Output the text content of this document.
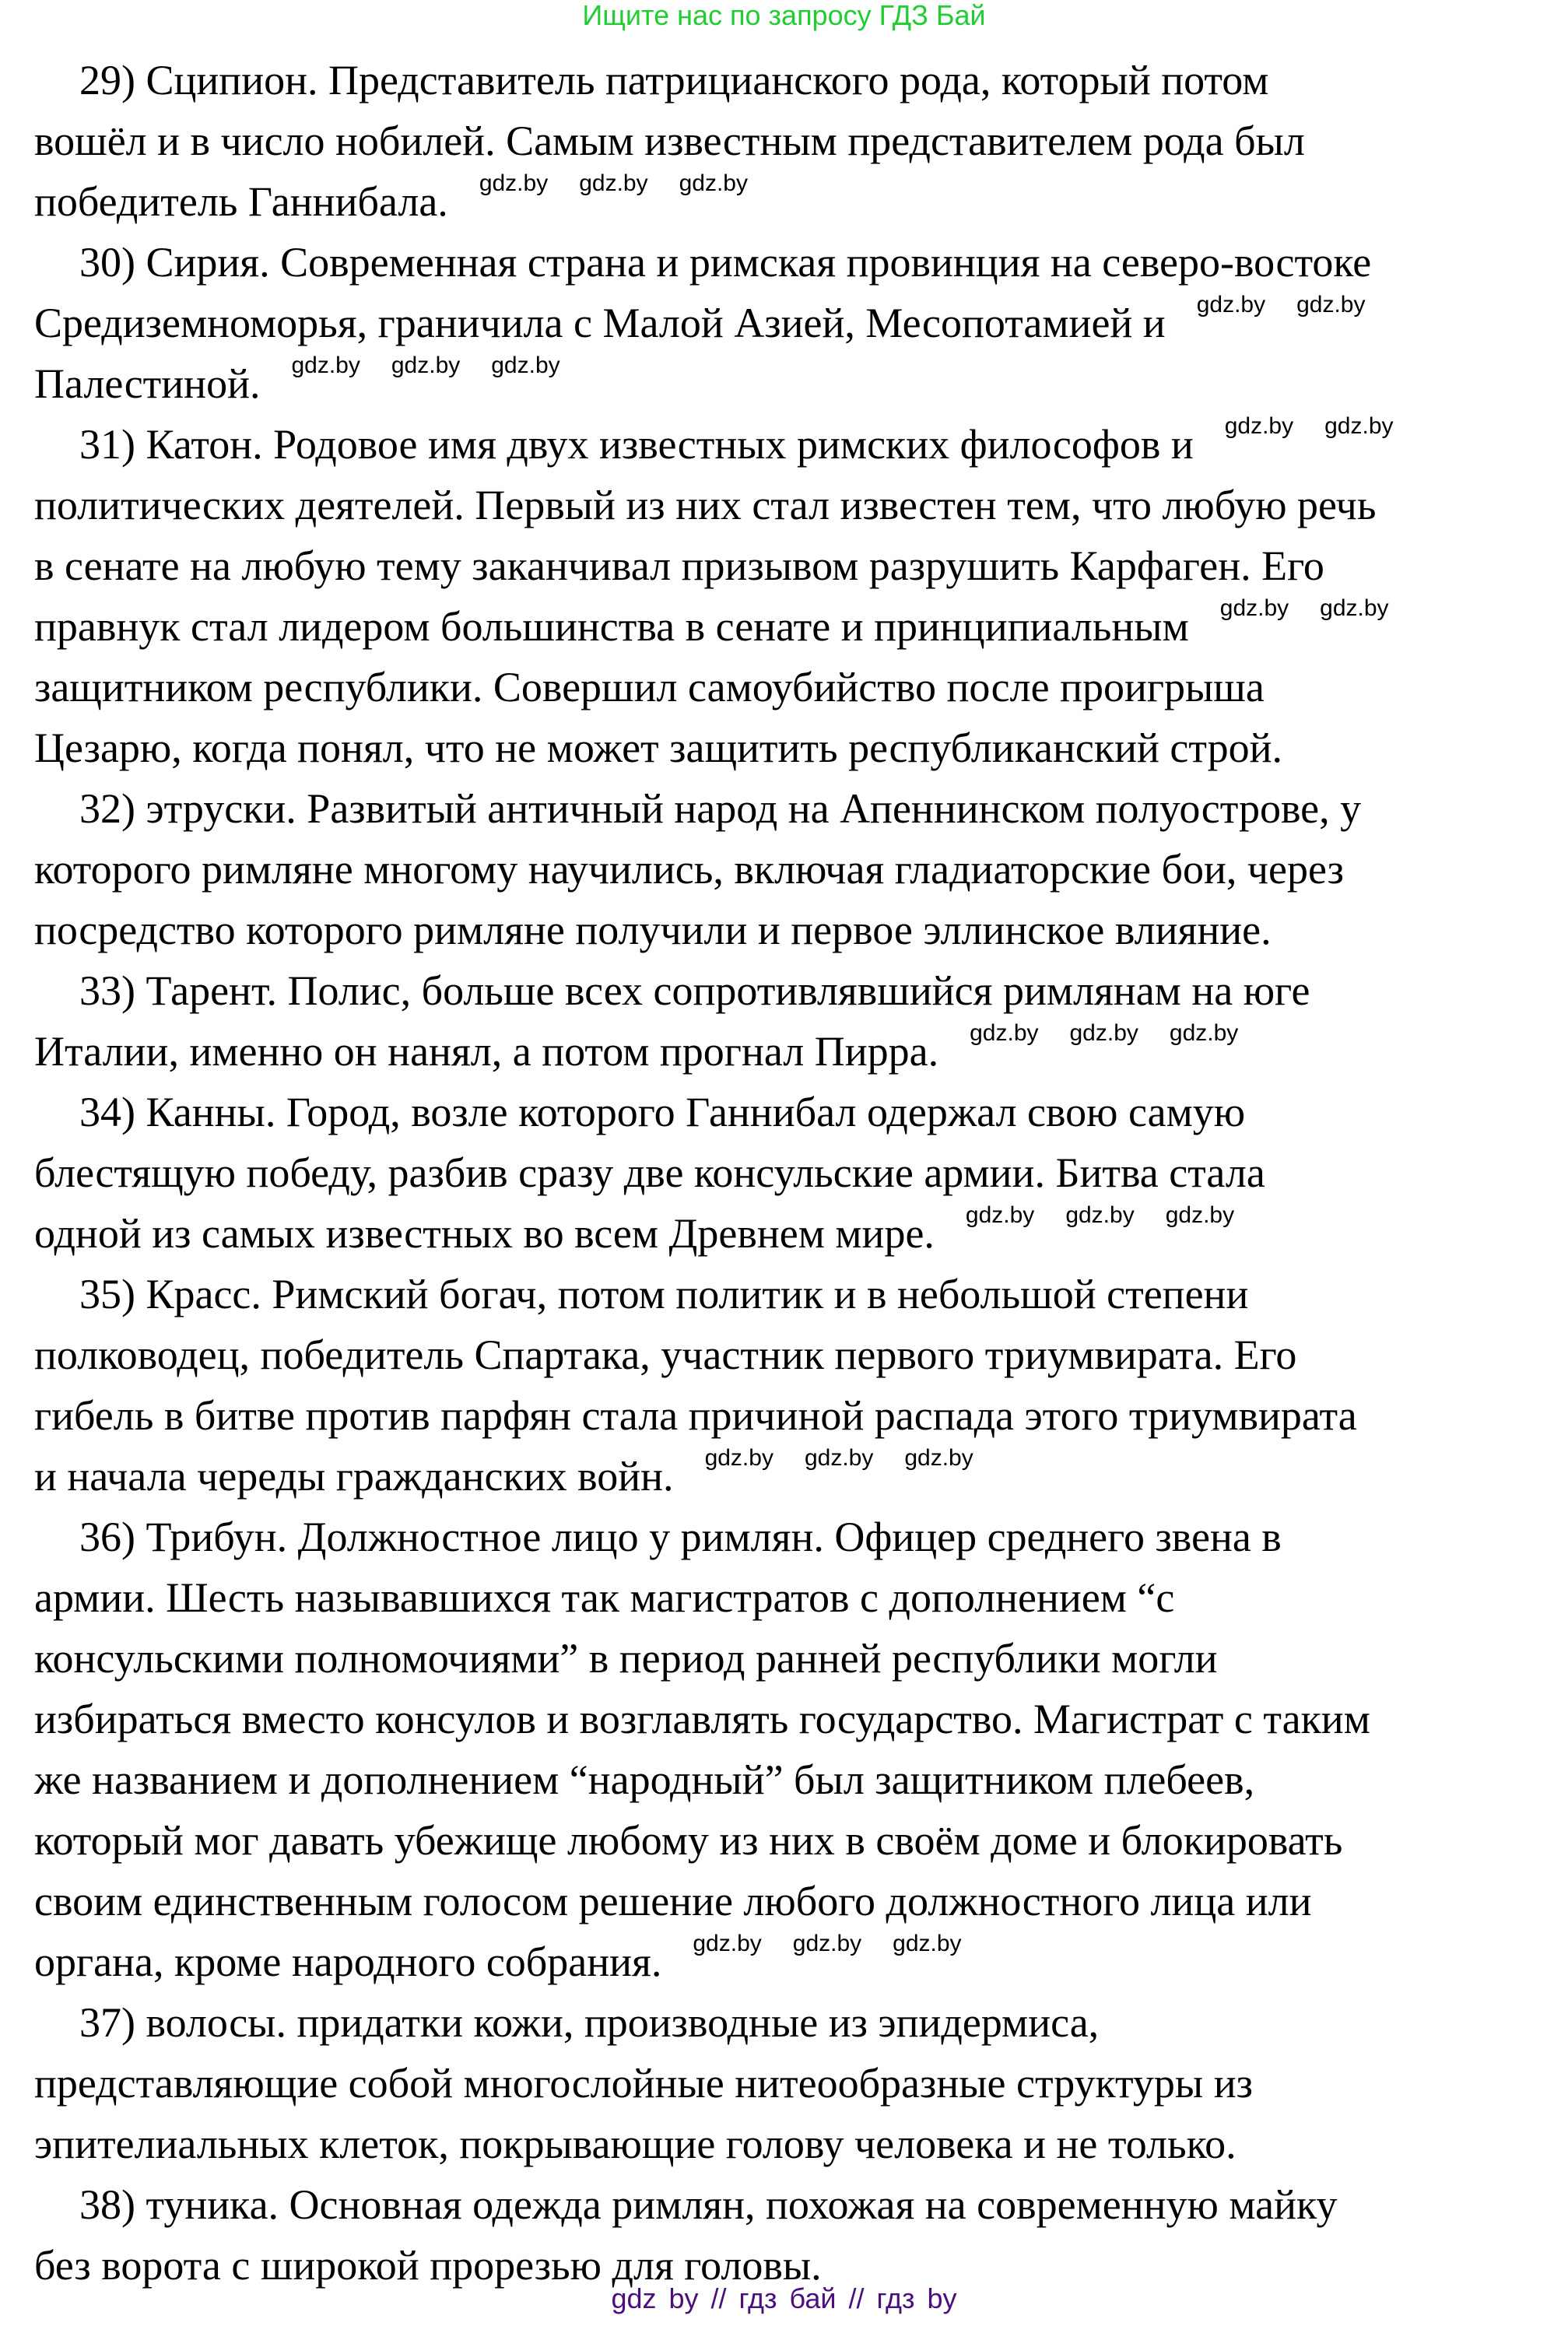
Ищите нас по запросу ГДЗ Бай
29) Сципион. Представитель патрицианского рода, который потом
вошёл и в число нобилей. Самым известным представителем рода был
победитель Ганнибала. gdz.by gdz.by gdz.by
30) Сирия. Современная страна и римская провинция на северо-востоке
Средиземноморья, граничила с Малой Азией, Месопотамией и gdz.by gdz.by
Палестиной. gdz.by gdz.by gdz.by
31) Катон. Родовое имя двух известных римских философов и gdz.by gdz.by
политических деятелей. Первый из них стал известен тем, что любую речь
в сенате на любую тему заканчивал призывом разрушить Карфаген. Его
правнук стал лидером большинства в сенате и принципиальным gdz.by gdz.by
защитником республики. Совершил самоубийство после проигрыша
Цезарю, когда понял, что не может защитить республиканский строй.
32) этруски. Развитый античный народ на Апеннинском полуострове, у
которого римляне многому научились, включая гладиаторские бои, через
посредство которого римляне получили и первое эллинское влияние.
33) Тарент. Полис, больше всех сопротивлявшийся римлянам на юге
Италии, именно он нанял, а потом прогнал Пирра. gdz.by gdz.by gdz.by
34) Канны. Город, возле которого Ганнибал одержал свою самую
блестящую победу, разбив сразу две консульские армии. Битва стала
одной из самых известных во всем Древнем мире. gdz.by gdz.by gdz.by
35) Красс. Римский богач, потом политик и в небольшой степени
полководец, победитель Спартака, участник первого триумвирата. Его
гибель в битве против парфян стала причиной распада этого триумвирата
и начала череды гражданских войн. gdz.by gdz.by gdz.by
36) Трибун. Должностное лицо у римлян. Офицер среднего звена в
армии. Шесть называвшихся так магистратов с дополнением “с
консульскими полномочиями” в период ранней республики могли
избираться вместо консулов и возглавлять государство. Магистрат с таким
же названием и дополнением “народный” был защитником плебеев,
который мог давать убежище любому из них в своём доме и блокировать
своим единственным голосом решение любого должностного лица или
органа, кроме народного собрания. gdz.by gdz.by gdz.by
37) волосы. придатки кожи, производные из эпидермиса,
представляющие собой многослойные нитеообразные структуры из
эпителиальных клеток, покрывающие голову человека и не только.
38) туника. Основная одежда римлян, похожая на современную майку
без ворота с широкой прорезью для головы.
gdz by // гдз бай // гдз by
